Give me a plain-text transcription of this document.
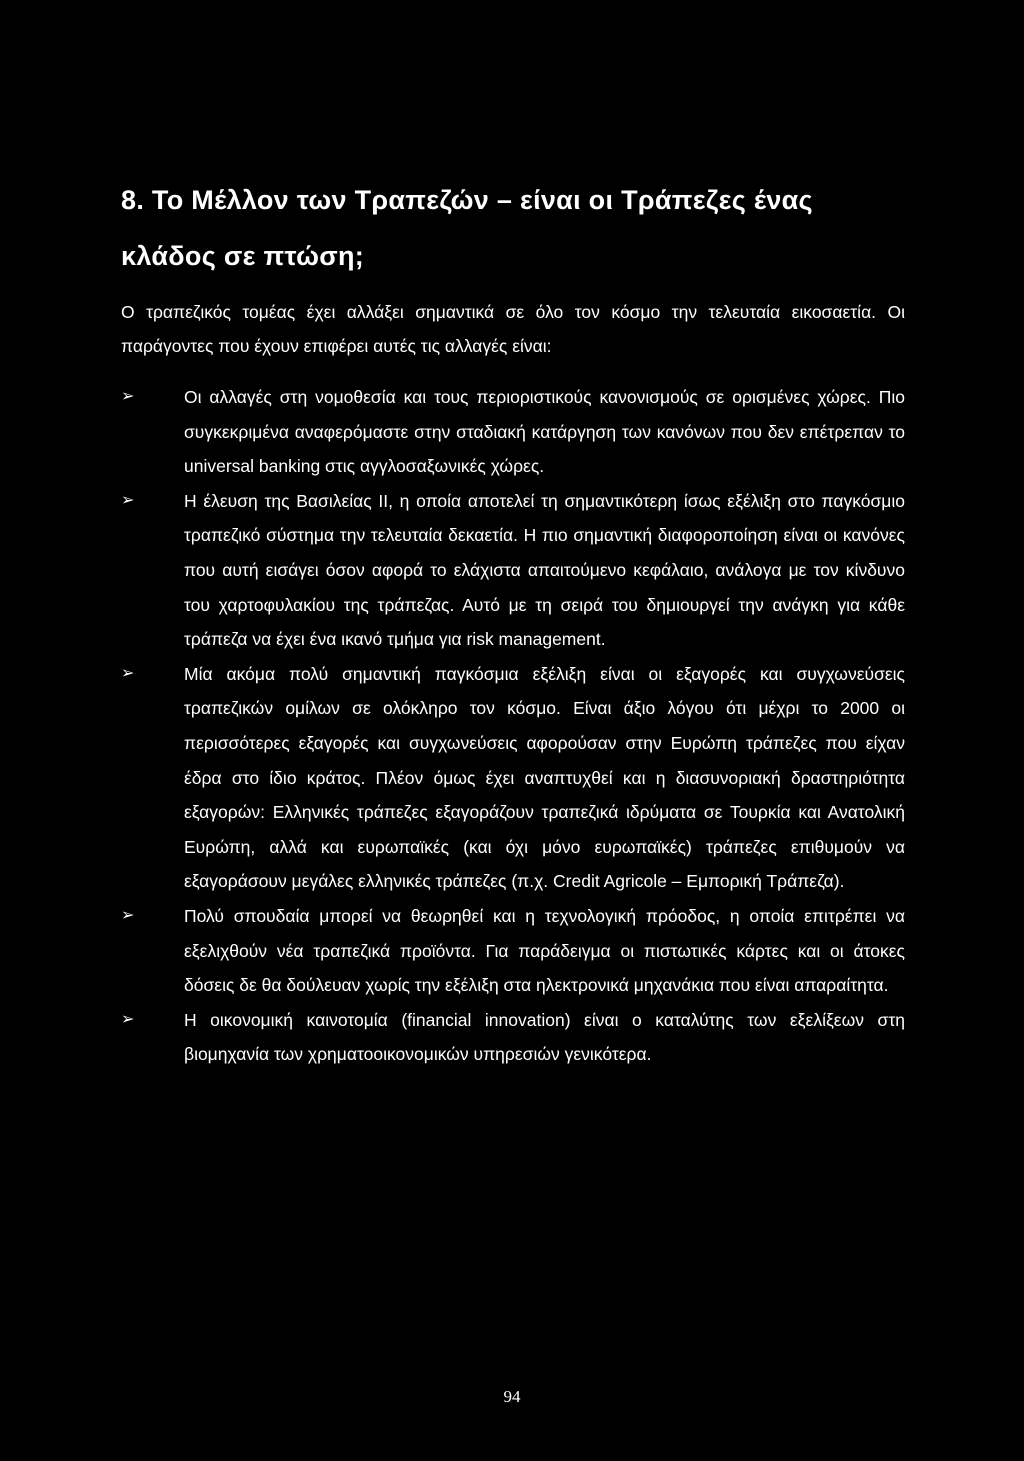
8. Το Μέλλον των Τραπεζών – είναι οι Τράπεζες ένας
κλάδος σε πτώση;

Ο τραπεζικός τομέας έχει αλλάξει σημαντικά σε όλο τον κόσμο την τελευταία εικοσαετία. Οι παράγοντες που έχουν επιφέρει αυτές τις αλλαγές είναι:

➢	Οι αλλαγές στη νομοθεσία και τους περιοριστικούς κανονισμούς σε ορισμένες χώρες. Πιο συγκεκριμένα αναφερόμαστε στην σταδιακή κατάργηση των κανόνων που δεν επέτρεπαν το universal banking στις αγγλοσαξωνικές χώρες.
➢	Η έλευση της Βασιλείας ΙΙ, η οποία αποτελεί τη σημαντικότερη ίσως εξέλιξη στο παγκόσμιο τραπεζικό σύστημα την τελευταία δεκαετία. Η πιο σημαντική διαφοροποίηση είναι οι κανόνες που αυτή εισάγει όσον αφορά το ελάχιστα απαιτούμενο κεφάλαιο, ανάλογα με τον κίνδυνο του χαρτοφυλακίου της τράπεζας. Αυτό με τη σειρά του δημιουργεί την ανάγκη για κάθε τράπεζα να έχει ένα ικανό τμήμα για risk management.
➢	Μία ακόμα πολύ σημαντική παγκόσμια εξέλιξη είναι οι εξαγορές και συγχωνεύσεις τραπεζικών ομίλων σε ολόκληρο τον κόσμο. Είναι άξιο λόγου ότι μέχρι το 2000 οι περισσότερες εξαγορές και συγχωνεύσεις αφορούσαν στην Ευρώπη τράπεζες που είχαν έδρα στο ίδιο κράτος. Πλέον όμως έχει αναπτυχθεί και η διασυνοριακή δραστηριότητα εξαγορών: Ελληνικές τράπεζες εξαγοράζουν τραπεζικά ιδρύματα σε Τουρκία και Ανατολική Ευρώπη, αλλά και ευρωπαϊκές (και όχι μόνο ευρωπαϊκές) τράπεζες επιθυμούν να εξαγοράσουν μεγάλες ελληνικές τράπεζες (π.χ. Credit Agricole – Εμπορική Τράπεζα).
➢	Πολύ σπουδαία μπορεί να θεωρηθεί και η τεχνολογική πρόοδος, η οποία επιτρέπει να εξελιχθούν νέα τραπεζικά προϊόντα. Για παράδειγμα οι πιστωτικές κάρτες και οι άτοκες δόσεις δε θα δούλευαν χωρίς την εξέλιξη στα ηλεκτρονικά μηχανάκια που είναι απαραίτητα.
➢	Η οικονομική καινοτομία (financial innovation) είναι ο καταλύτης των εξελίξεων στη βιομηχανία των χρηματοοικονομικών υπηρεσιών γενικότερα.
94
